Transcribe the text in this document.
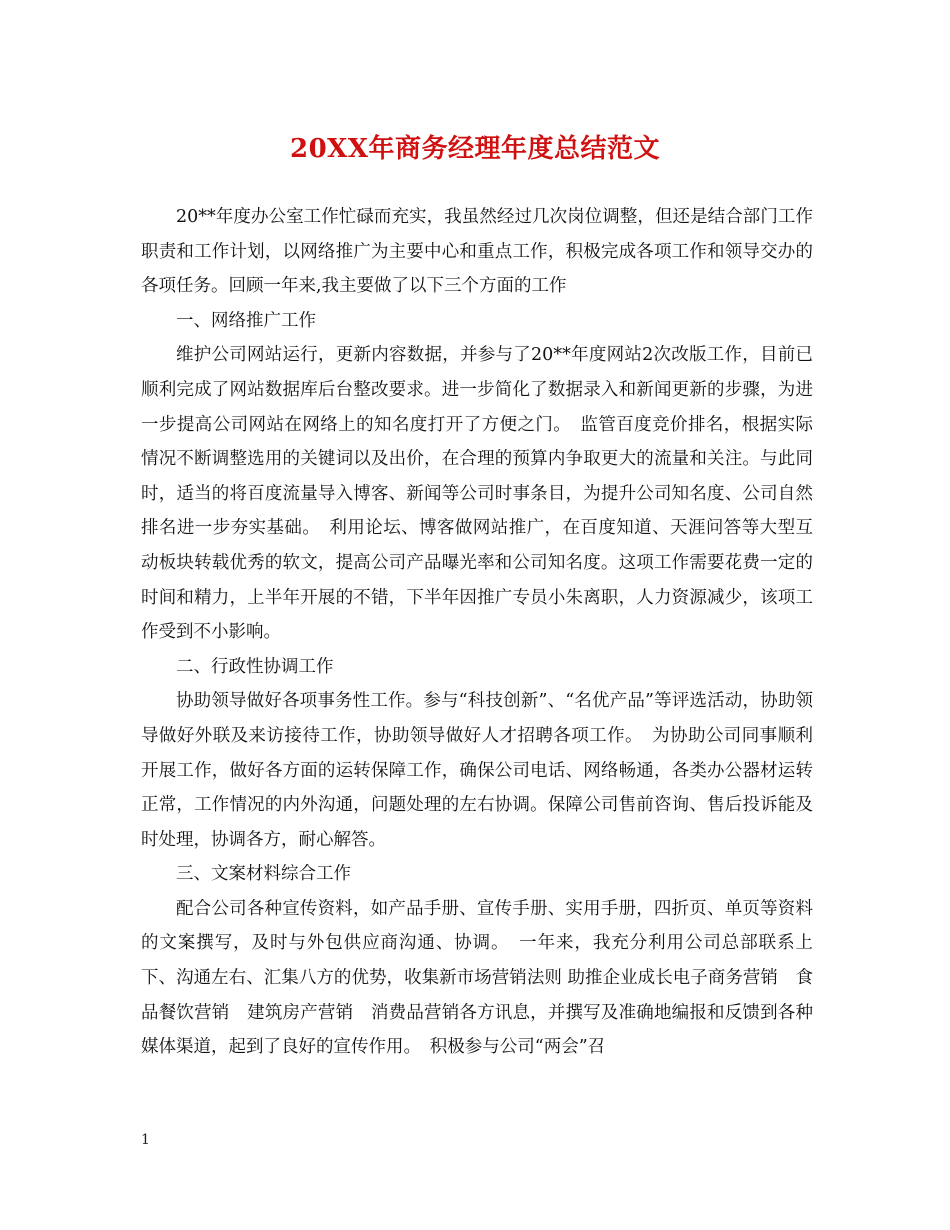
20XX年商务经理年度总结范文

20**年度办公室工作忙碌而充实，我虽然经过几次岗位调整，但还是结合部门工作职责和工作计划，以网络推广为主要中心和重点工作，积极完成各项工作和领导交办的各项任务。回顾一年来,我主要做了以下三个方面的工作

一、网络推广工作

维护公司网站运行，更新内容数据，并参与了20**年度网站2次改版工作，目前已顺利完成了网站数据库后台整改要求。进一步简化了数据录入和新闻更新的步骤，为进一步提高公司网站在网络上的知名度打开了方便之门。　监管百度竞价排名，根据实际情况不断调整选用的关键词以及出价，在合理的预算内争取更大的流量和关注。与此同时，适当的将百度流量导入博客、新闻等公司时事条目，为提升公司知名度、公司自然排名进一步夯实基础。　利用论坛、博客做网站推广，在百度知道、天涯问答等大型互动板块转载优秀的软文，提高公司产品曝光率和公司知名度。这项工作需要花费一定的时间和精力，上半年开展的不错，下半年因推广专员小朱离职，人力资源减少，该项工作受到不小影响。

二、行政性协调工作

协助领导做好各项事务性工作。参与“科技创新”、“名优产品”等评选活动，协助领导做好外联及来访接待工作，协助领导做好人才招聘各项工作。　为协助公司同事顺利开展工作，做好各方面的运转保障工作，确保公司电话、网络畅通，各类办公器材运转正常，工作情况的内外沟通，问题处理的左右协调。保障公司售前咨询、售后投诉能及时处理，协调各方，耐心解答。

三、文案材料综合工作

配合公司各种宣传资料，如产品手册、宣传手册、实用手册，四折页、单页等资料的文案撰写，及时与外包供应商沟通、协调。　一年来，我充分利用公司总部联系上下、沟通左右、汇集八方的优势，收集新市场营销法则 助推企业成长电子商务营销　食品餐饮营销　建筑房产营销　消费品营销各方讯息，并撰写及准确地编报和反馈到各种媒体渠道，起到了良好的宣传作用。　积极参与公司“两会”召

1
